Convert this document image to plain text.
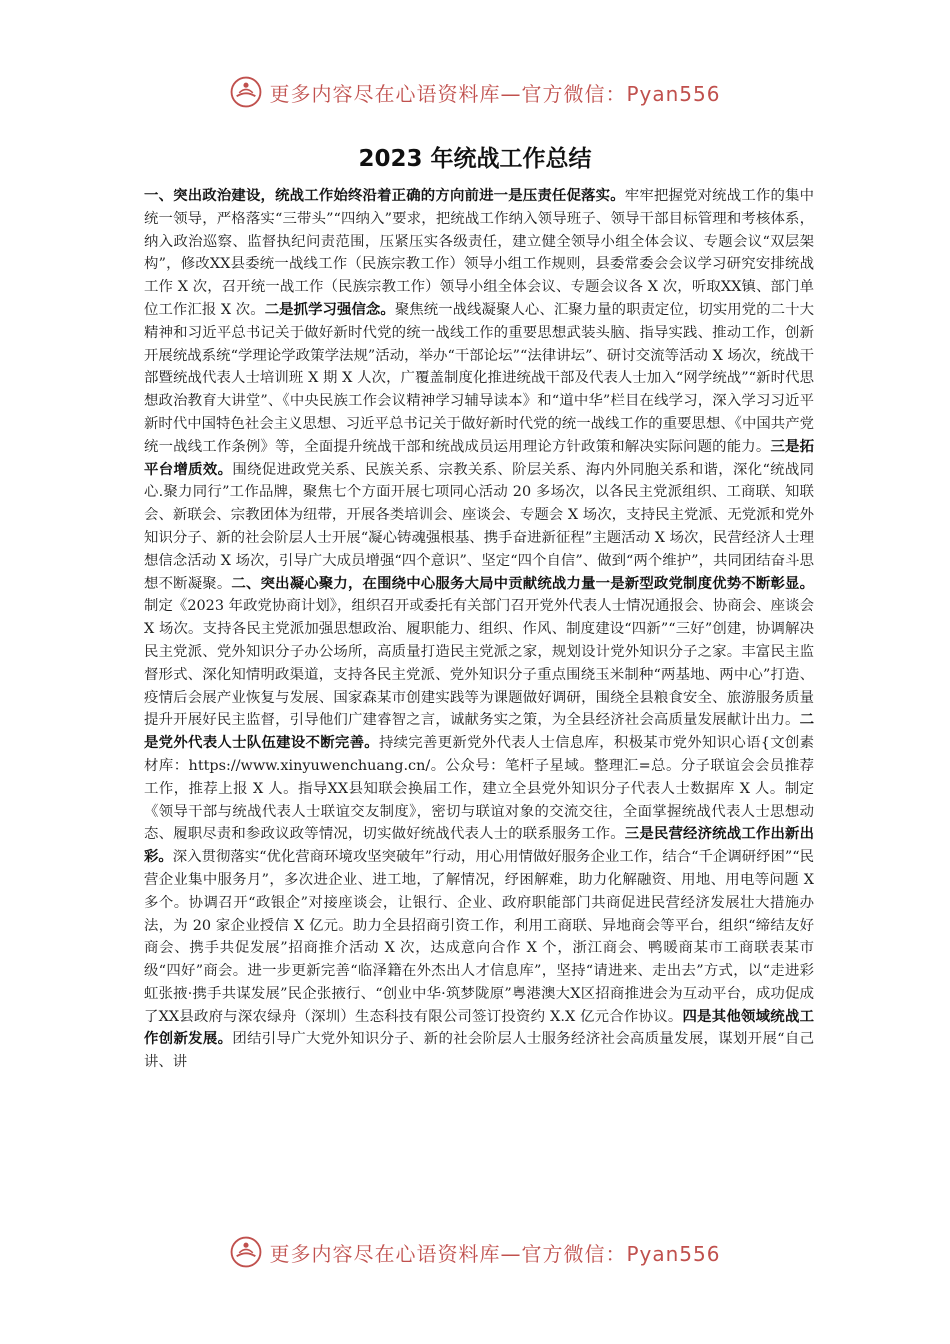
更多内容尽在心语资料库—官方微信：Pyan556
2023 年统战工作总结
一、突出政治建设，统战工作始终沿着正确的方向前进一是压责任促落实。牢牢把握党对统战工作的集中统一领导，严格落实“三带头”“四纳入”要求，把统战工作纳入领导班子、领导干部目标管理和考核体系，纳入政治巡察、监督执纪问责范围，压紧压实各级责任，建立健全领导小组全体会议、专题会议“双层架构”，修改XX县委统一战线工作（民族宗教工作）领导小组工作规则，县委常委会会议学习研究安排统战工作 X 次，召开统一战工作（民族宗教工作）领导小组全体会议、专题会议各 X 次，听取XX镇、部门单位工作汇报 X 次。二是抓学习强信念。聚焦统一战线凝聚人心、汇聚力量的职责定位，切实用党的二十大精神和习近平总书记关于做好新时代党的统一战线工作的重要思想武装头脑、指导实践、推动工作，创新开展统战系统“学理论学政策学法规”活动，举办“干部论坛”“法律讲坛”、研讨交流等活动 X 场次，统战干部暨统战代表人士培训班 X 期 X 人次，广覆盖制度化推进统战干部及代表人士加入“网学统战”“新时代思想政治教育大讲堂”、《中央民族工作会议精神学习辅导读本》和“道中华”栏目在线学习，深入学习习近平新时代中国特色社会主义思想、习近平总书记关于做好新时代党的统一战线工作的重要思想、《中国共产党统一战线工作条例》等，全面提升统战干部和统战成员运用理论方针政策和解决实际问题的能力。三是拓平台增质效。围绕促进政党关系、民族关系、宗教关系、阶层关系、海内外同胞关系和谐，深化“统战同心.聚力同行”工作品牌，聚焦七个方面开展七项同心活动 20 多场次，以各民主党派组织、工商联、知联会、新联会、宗教团体为纽带，开展各类培训会、座谈会、专题会 X 场次，支持民主党派、无党派和党外知识分子、新的社会阶层人士开展“凝心铸魂强根基、携手奋进新征程”主题活动 X 场次，民营经济人士理想信念活动 X 场次，引导广大成员增强“四个意识”、坚定“四个自信”、做到“两个维护”，共同团结奋斗思想不断凝聚。二、突出凝心聚力，在围绕中心服务大局中贡献统战力量一是新型政党制度优势不断彰显。制定《2023 年政党协商计划》，组织召开或委托有关部门召开党外代表人士情况通报会、协商会、座谈会 X 场次。支持各民主党派加强思想政治、履职能力、组织、作风、制度建设“四新”“三好”创建，协调解决民主党派、党外知识分子办公场所，高质量打造民主党派之家，规划设计党外知识分子之家。丰富民主监督形式、深化知情明政渠道，支持各民主党派、党外知识分子重点围绕玉米制种“两基地、两中心”打造、疫情后会展产业恢复与发展、国家森某市创建实践等为课题做好调研，围绕全县粮食安全、旅游服务质量提升开展好民主监督，引导他们广建睿智之言，诚献务实之策，为全县经济社会高质量发展献计出力。二是党外代表人士队伍建设不断完善。持续完善更新党外代表人士信息库，积极某市党外知识心语{文创素材库：https://www.xinyuwenchuang.cn/。公众号：笔杆子星域。整理汇=总。分子联谊会会员推荐工作，推荐上报 X 人。指导XX县知联会换届工作，建立全县党外知识分子代表人士数据库 X 人。制定《领导干部与统战代表人士联谊交友制度》，密切与联谊对象的交流交往，全面掌握统战代表人士思想动态、履职尽责和参政议政等情况，切实做好统战代表人士的联系服务工作。三是民营经济统战工作出新出彩。深入贯彻落实“优化营商环境攻坚突破年”行动，用心用情做好服务企业工作，结合“千企调研纾困”“民营企业集中服务月”，多次进企业、进工地，了解情况，纾困解难，助力化解融资、用地、用电等问题 X 多个。协调召开“政银企”对接座谈会，让银行、企业、政府职能部门共商促进民营经济发展壮大措施办法，为 20 家企业授信 X 亿元。助力全县招商引资工作，利用工商联、异地商会等平台，组织“缔结友好商会、携手共促发展”招商推介活动 X 次，达成意向合作 X 个，浙江商会、鸭暖商某市工商联表某市级“四好”商会。进一步更新完善“临泽籍在外杰出人才信息库”，坚持“请进来、走出去”方式，以“走进彩虹张掖·携手共谋发展”民企张掖行、“创业中华·筑梦陇原”粤港澳大X区招商推进会为互动平台，成功促成了XX县政府与深农绿舟（深圳）生态科技有限公司签订投资约 X.X 亿元合作协议。四是其他领域统战工作创新发展。团结引导广大党外知识分子、新的社会阶层人士服务经济社会高质量发展，谋划开展“自己讲、讲
更多内容尽在心语资料库—官方微信：Pyan556
